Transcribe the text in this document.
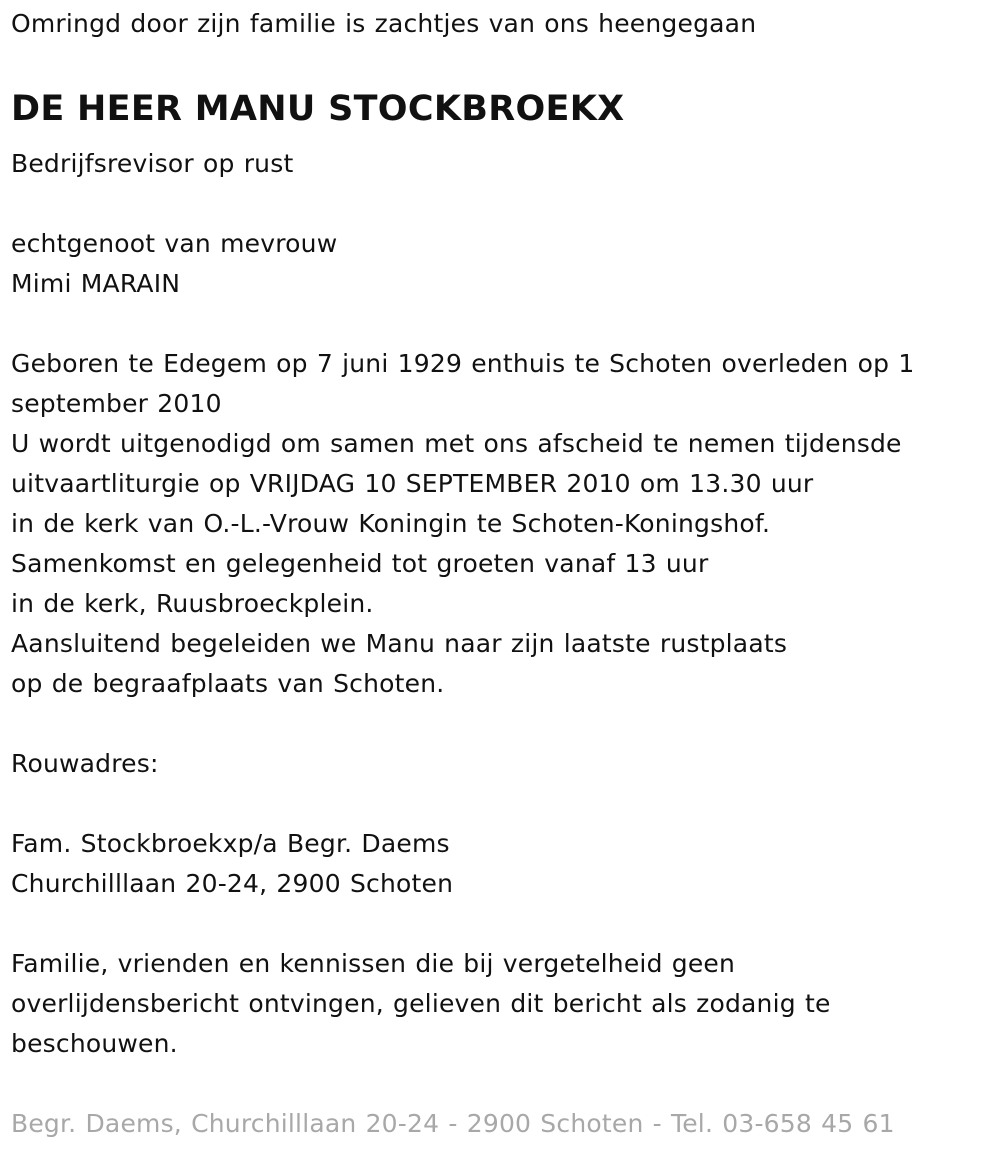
Omringd door zijn familie is zachtjes van ons heengegaan
DE HEER MANU STOCKBROEKX
Bedrijfsrevisor op rust
echtgenoot van mevrouw
Mimi MARAIN
Geboren te Edegem op 7 juni 1929 enthuis te Schoten overleden op 1
september 2010
U wordt uitgenodigd om samen met ons afscheid te nemen tijdensde
uitvaartliturgie op VRIJDAG 10 SEPTEMBER 2010 om 13.30 uur
in de kerk van O.-L.-Vrouw Koningin te Schoten-Koningshof.
Samenkomst en gelegenheid tot groeten vanaf 13 uur
in de kerk, Ruusbroeckplein.
Aansluitend begeleiden we Manu naar zijn laatste rustplaats
op de begraafplaats van Schoten.
Rouwadres:
Fam. Stockbroekxp/a Begr. Daems
Churchilllaan 20-24, 2900 Schoten
Familie, vrienden en kennissen die bij vergetelheid geen
overlijdensbericht ontvingen, gelieven dit bericht als zodanig te
beschouwen.
Begr. Daems, Churchilllaan 20-24 - 2900 Schoten - Tel. 03-658 45 61
